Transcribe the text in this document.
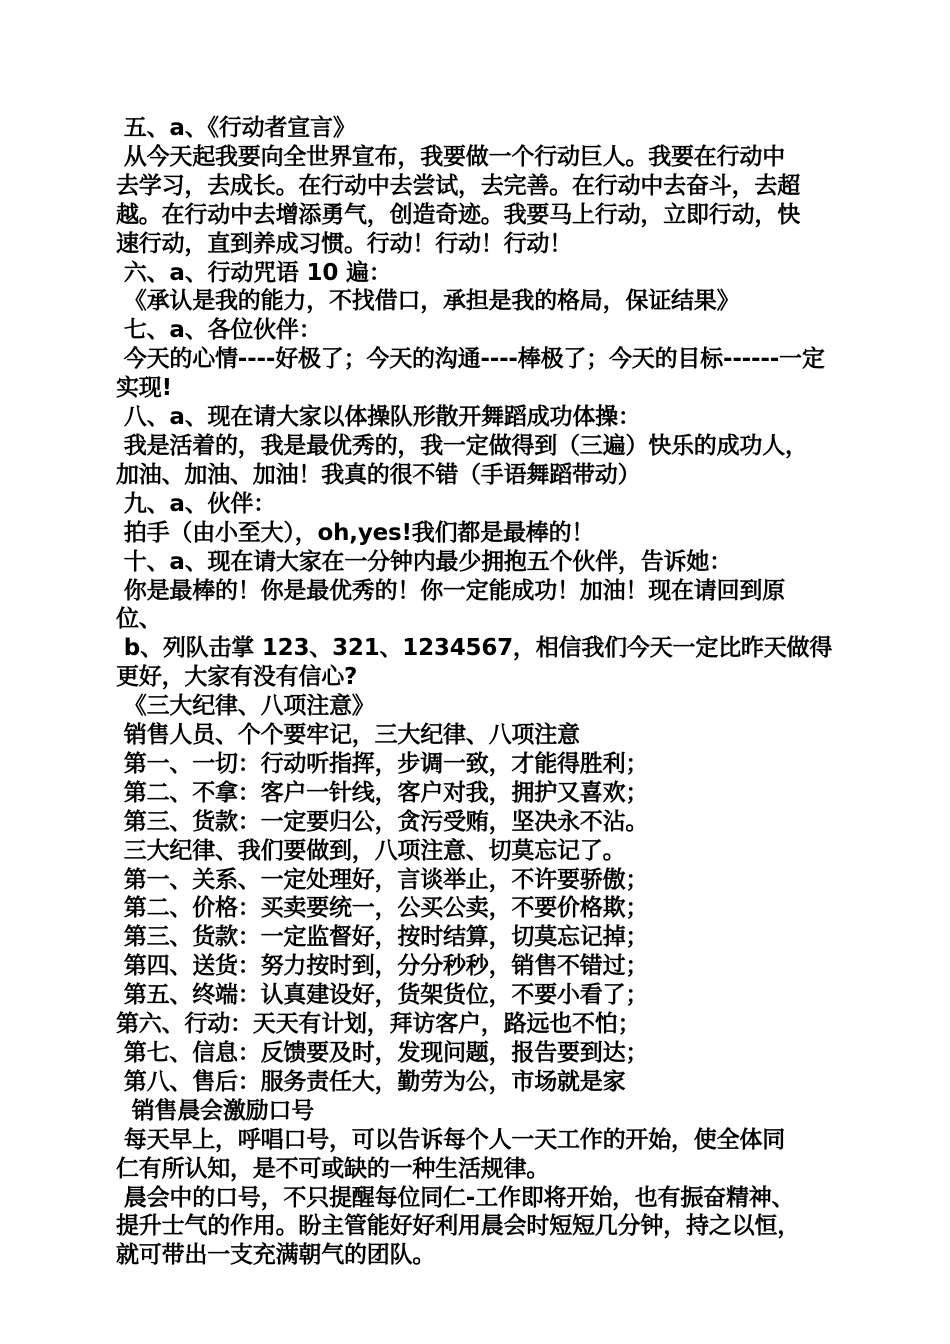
五、a、《行动者宣言》
从今天起我要向全世界宣布，我要做一个行动巨人。我要在行动中
去学习，去成长。在行动中去尝试，去完善。在行动中去奋斗，去超
越。在行动中去增添勇气，创造奇迹。我要马上行动，立即行动，快
速行动，直到养成习惯。行动！行动！行动！
六、a、行动咒语 10 遍：
《承认是我的能力，不找借口，承担是我的格局，保证结果》
七、a、各位伙伴：
今天的心情----好极了；今天的沟通----棒极了；今天的目标------一定
实现!
八、a、现在请大家以体操队形散开舞蹈成功体操：
我是活着的，我是最优秀的，我一定做得到（三遍）快乐的成功人，
加油、加油、加油！我真的很不错（手语舞蹈带动）
九、a、伙伴：
拍手（由小至大），oh,yes!我们都是最棒的！
十、a、现在请大家在一分钟内最少拥抱五个伙伴，告诉她：
你是最棒的！你是最优秀的！你一定能成功！加油！现在请回到原
位、
b、列队击掌 123、321、1234567，相信我们今天一定比昨天做得
更好，大家有没有信心?
《三大纪律、八项注意》
销售人员、个个要牢记，三大纪律、八项注意
第一、一切：行动听指挥，步调一致，才能得胜利；
第二、不拿：客户一针线，客户对我，拥护又喜欢；
第三、货款：一定要归公，贪污受贿，坚决永不沾。
三大纪律、我们要做到，八项注意、切莫忘记了。
第一、关系、一定处理好，言谈举止，不许要骄傲；
第二、价格：买卖要统一，公买公卖，不要价格欺；
第三、货款：一定监督好，按时结算，切莫忘记掉；
第四、送货：努力按时到，分分秒秒，销售不错过；
第五、终端：认真建设好，货架货位，不要小看了；
第六、行动：天天有计划，拜访客户，路远也不怕；
第七、信息：反馈要及时，发现问题，报告要到达；
第八、售后：服务责任大，勤劳为公，市场就是家
销售晨会激励口号
每天早上，呼唱口号，可以告诉每个人一天工作的开始，使全体同
仁有所认知，是不可或缺的一种生活规律。
晨会中的口号，不只提醒每位同仁-工作即将开始，也有振奋精神、
提升士气的作用。盼主管能好好利用晨会时短短几分钟，持之以恒，
就可带出一支充满朝气的团队。
